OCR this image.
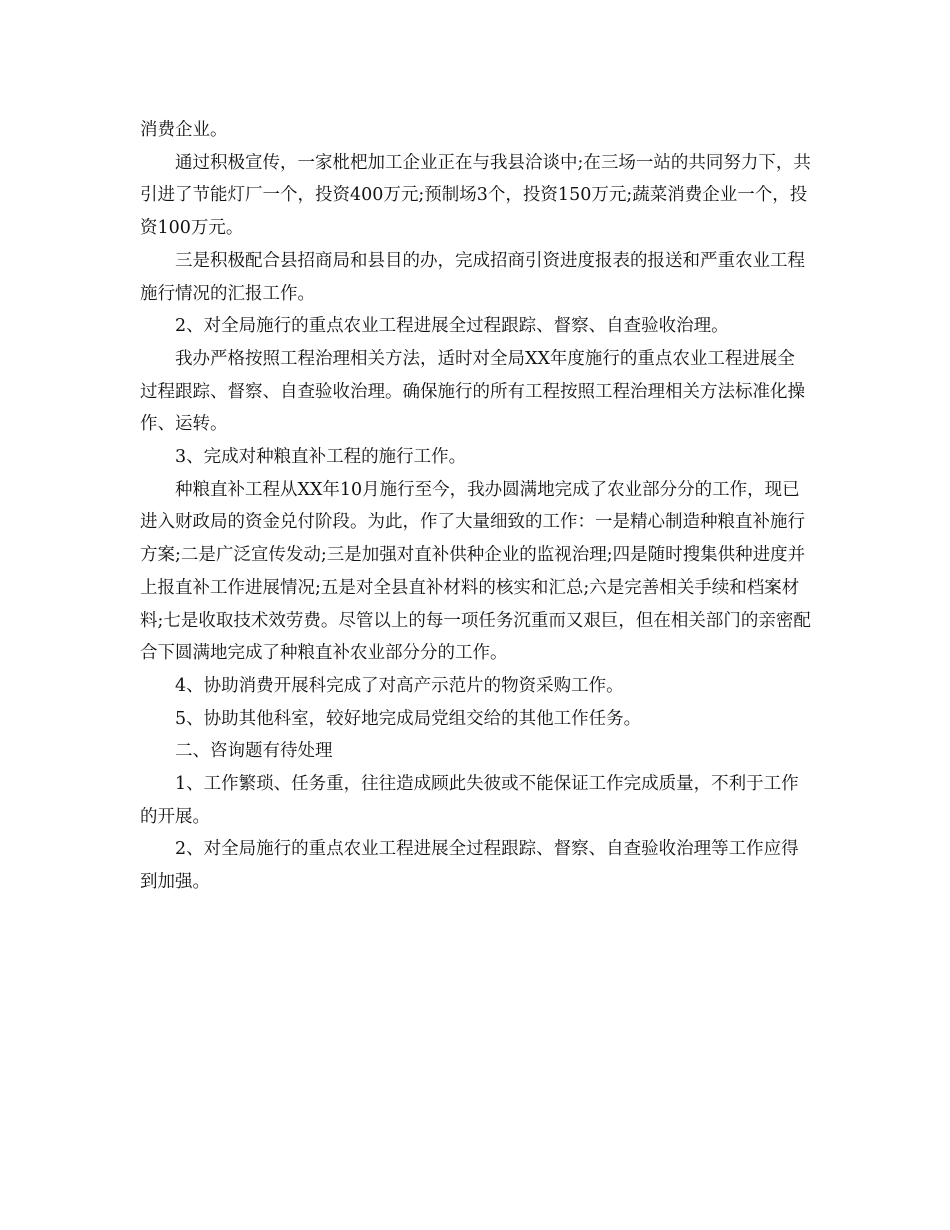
消费企业。

通过积极宣传，一家枇杷加工企业正在与我县洽谈中;在三场一站的共同努力下，共引进了节能灯厂一个，投资400万元;预制场3个，投资150万元;蔬菜消费企业一个，投资100万元。

三是积极配合县招商局和县目的办，完成招商引资进度报表的报送和严重农业工程施行情况的汇报工作。

2、对全局施行的重点农业工程进展全过程跟踪、督察、自查验收治理。

我办严格按照工程治理相关方法，适时对全局XX年度施行的重点农业工程进展全过程跟踪、督察、自查验收治理。确保施行的所有工程按照工程治理相关方法标准化操作、运转。

3、完成对种粮直补工程的施行工作。

种粮直补工程从XX年10月施行至今，我办圆满地完成了农业部分分的工作，现已进入财政局的资金兑付阶段。为此，作了大量细致的工作：一是精心制造种粮直补施行方案;二是广泛宣传发动;三是加强对直补供种企业的监视治理;四是随时搜集供种进度并上报直补工作进展情况;五是对全县直补材料的核实和汇总;六是完善相关手续和档案材料;七是收取技术效劳费。尽管以上的每一项任务沉重而又艰巨，但在相关部门的亲密配合下圆满地完成了种粮直补农业部分分的工作。

4、协助消费开展科完成了对高产示范片的物资采购工作。

5、协助其他科室，较好地完成局党组交给的其他工作任务。

二、咨询题有待处理

1、工作繁琐、任务重，往往造成顾此失彼或不能保证工作完成质量，不利于工作的开展。

2、对全局施行的重点农业工程进展全过程跟踪、督察、自查验收治理等工作应得到加强。
